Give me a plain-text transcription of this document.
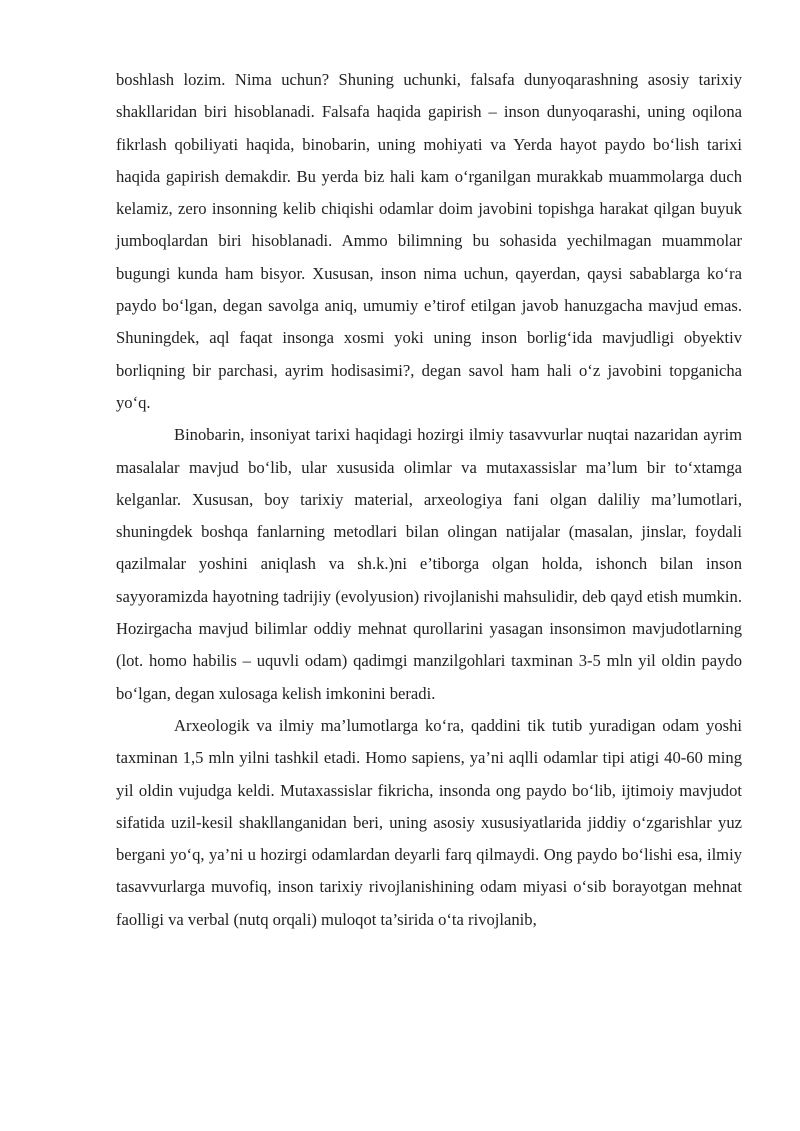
boshlash lozim. Nima uchun? Shuning uchunki, falsafa dunyoqarashning asosiy tarixiy shakllaridan biri hisoblanadi. Falsafa haqida gapirish – inson dunyoqarashi, uning oqilona fikrlash qobiliyati haqida, binobarin, uning mohiyati va Yerda hayot paydo boʻlish tarixi haqida gapirish demakdir. Bu yerda biz hali kam oʻrganilgan murakkab muammolarga duch kelamiz, zero insonning kelib chiqishi odamlar doim javobini topishga harakat qilgan buyuk jumboqlardan biri hisoblanadi. Ammo bilimning bu sohasida yechilmagan muammolar bugungi kunda ham bisyor. Xususan, inson nima uchun, qayerdan, qaysi sabablarga koʻra paydo boʻlgan, degan savolga aniq, umumiy e’tirof etilgan javob hanuzgacha mavjud emas. Shuningdek, aql faqat insonga xosmi yoki uning inson borligʻida mavjudligi obyektiv borliqning bir parchasi, ayrim hodisasimi?, degan savol ham hali oʻz javobini topganicha yoʻq.

Binobarin, insoniyat tarixi haqidagi hozirgi ilmiy tasavvurlar nuqtai nazaridan ayrim masalalar mavjud boʻlib, ular xususida olimlar va mutaxassislar ma’lum bir toʻxtamga kelganlar. Xususan, boy tarixiy material, arxeologiya fani olgan daliliy ma’lumotlari, shuningdek boshqa fanlarning metodlari bilan olingan natijalar (masalan, jinslar, foydali qazilmalar yoshini aniqlash va sh.k.)ni e’tiborga olgan holda, ishonch bilan inson sayyoramizda hayotning tadrijiy (evolyusion) rivojlanishi mahsulidir, deb qayd etish mumkin. Hozirgacha mavjud bilimlar oddiy mehnat qurollarini yasagan insonsimon mavjudotlarning (lot. homo habilis – uquvli odam) qadimgi manzilgohlari taxminan 3-5 mln yil oldin paydo boʻlgan, degan xulosaga kelish imkonini beradi.

Arxeologik va ilmiy ma’lumotlarga koʻra, qaddini tik tutib yuradigan odam yoshi taxminan 1,5 mln yilni tashkil etadi. Homo sapiens, ya’ni aqlli odamlar tipi atigi 40-60 ming yil oldin vujudga keldi. Mutaxassislar fikricha, insonda ong paydo boʻlib, ijtimoiy mavjudot sifatida uzil-kesil shakllanganidan beri, uning asosiy xususiyatlarida jiddiy oʻzgarishlar yuz bergani yoʻq, ya’ni u hozirgi odamlardan deyarli farq qilmaydi. Ong paydo boʻlishi esa, ilmiy tasavvurlarga muvofiq, inson tarixiy rivojlanishining odam miyasi oʻsib borayotgan mehnat faolligi va verbal (nutq orqali) muloqot ta’sirida oʻta rivojlanib,
